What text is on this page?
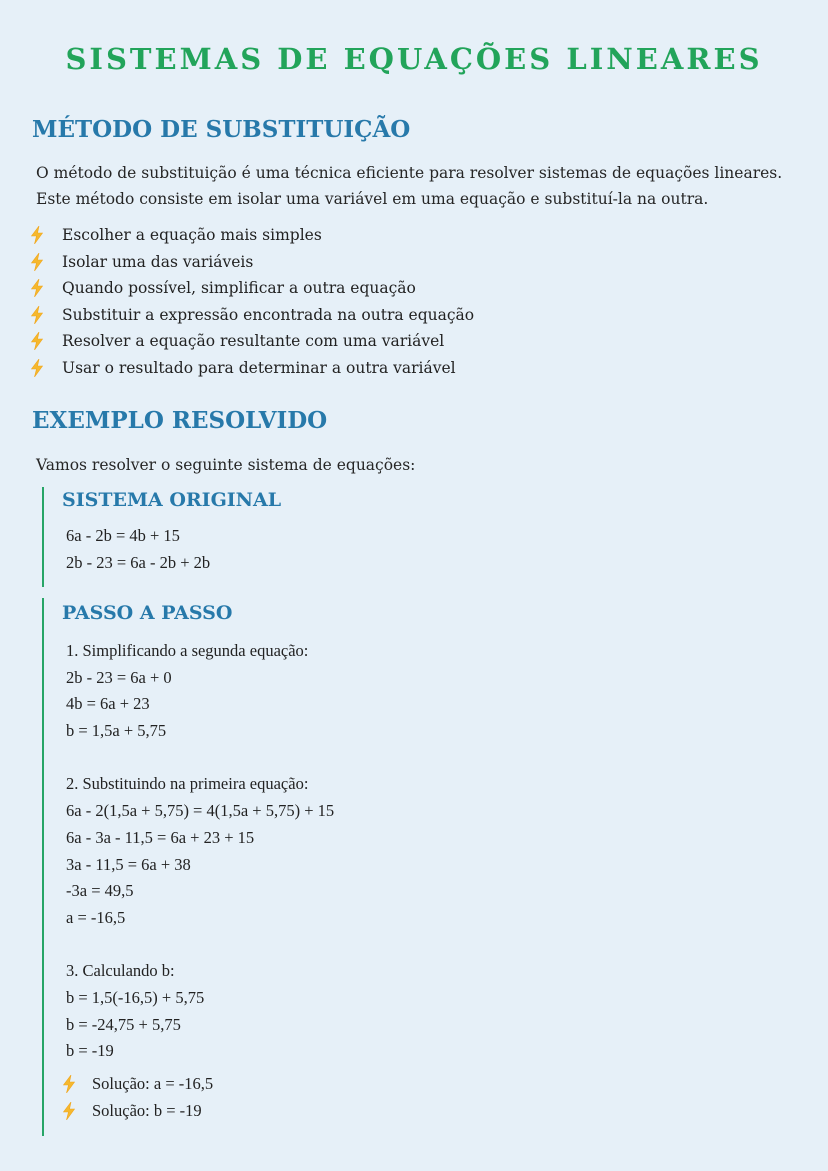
SISTEMAS DE EQUAÇÕES LINEARES
MÉTODO DE SUBSTITUIÇÃO

O método de substituição é uma técnica eficiente para resolver sistemas de equações lineares.
Este método consiste em isolar uma variável em uma equação e substituí-la na outra.

Escolher a equação mais simples
Isolar uma das variáveis
Quando possível, simplificar a outra equação
Substituir a expressão encontrada na outra equação
Resolver a equação resultante com uma variável
Usar o resultado para determinar a outra variável
EXEMPLO RESOLVIDO

Vamos resolver o seguinte sistema de equações:

SISTEMA ORIGINAL
6a - 2b = 4b + 15
2b - 23 = 6a - 2b + 2b
PASSO A PASSO
1. Simplificando a segunda equação:
2b - 23 = 6a + 0
4b = 6a + 23
b = 1,5a + 5,75
2. Substituindo na primeira equação:
6a - 2(1,5a + 5,75) = 4(1,5a + 5,75) + 15
6a - 3a - 11,5 = 6a + 23 + 15
3a - 11,5 = 6a + 38
-3a = 49,5
a = -16,5
3. Calculando b:
b = 1,5(-16,5) + 5,75
b = -24,75 + 5,75
b = -19
Solução: a = -16,5
Solução: b = -19
